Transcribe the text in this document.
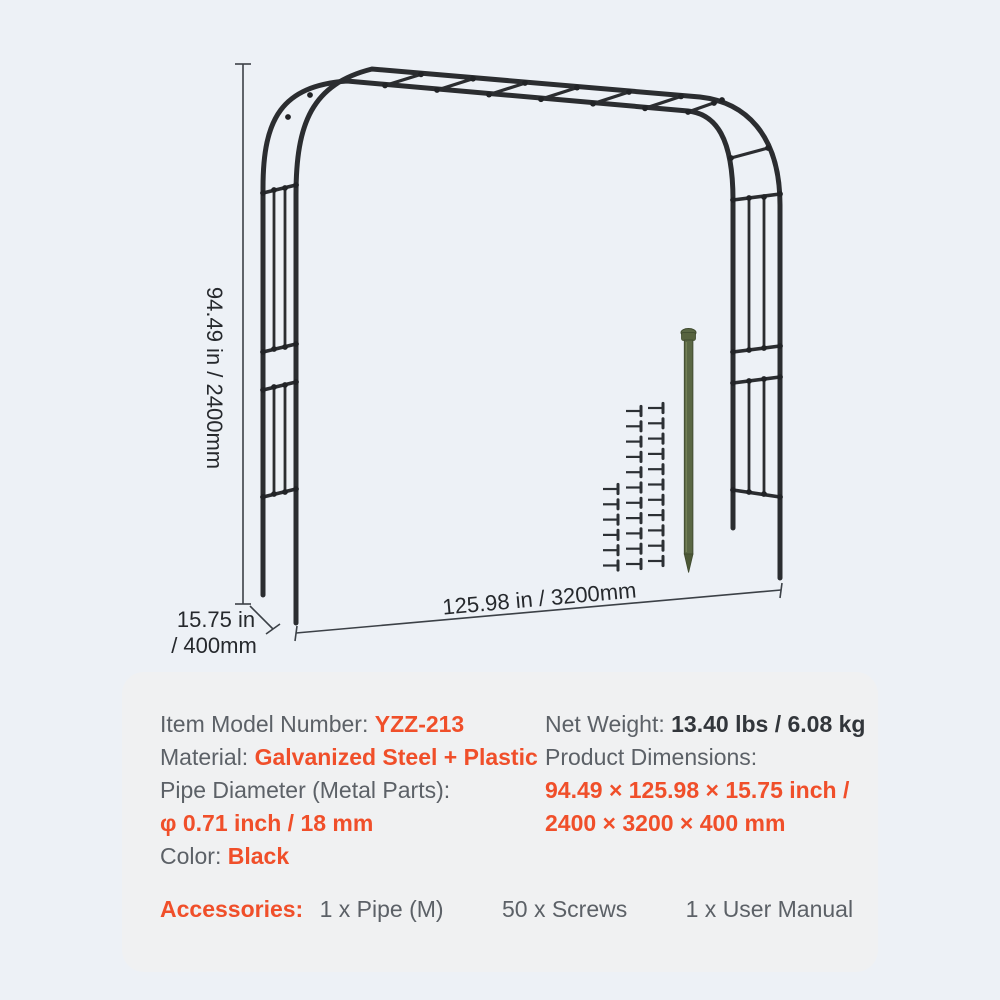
94.49 in / 2400mm
15.75 in
/ 400mm
125.98 in / 3200mm

Item Model Number: YZZ-213

Material: Galvanized Steel + Plastic

Pipe Diameter (Metal Parts):

φ 0.71 inch / 18 mm

Color: Black

Net Weight: 13.40 lbs / 6.08 kg

Product Dimensions:

94.49 × 125.98 × 15.75 inch /

2400 × 3200 × 400 mm

Accessories: 1 x Pipe (M)	50 x Screws	1 x User Manual
